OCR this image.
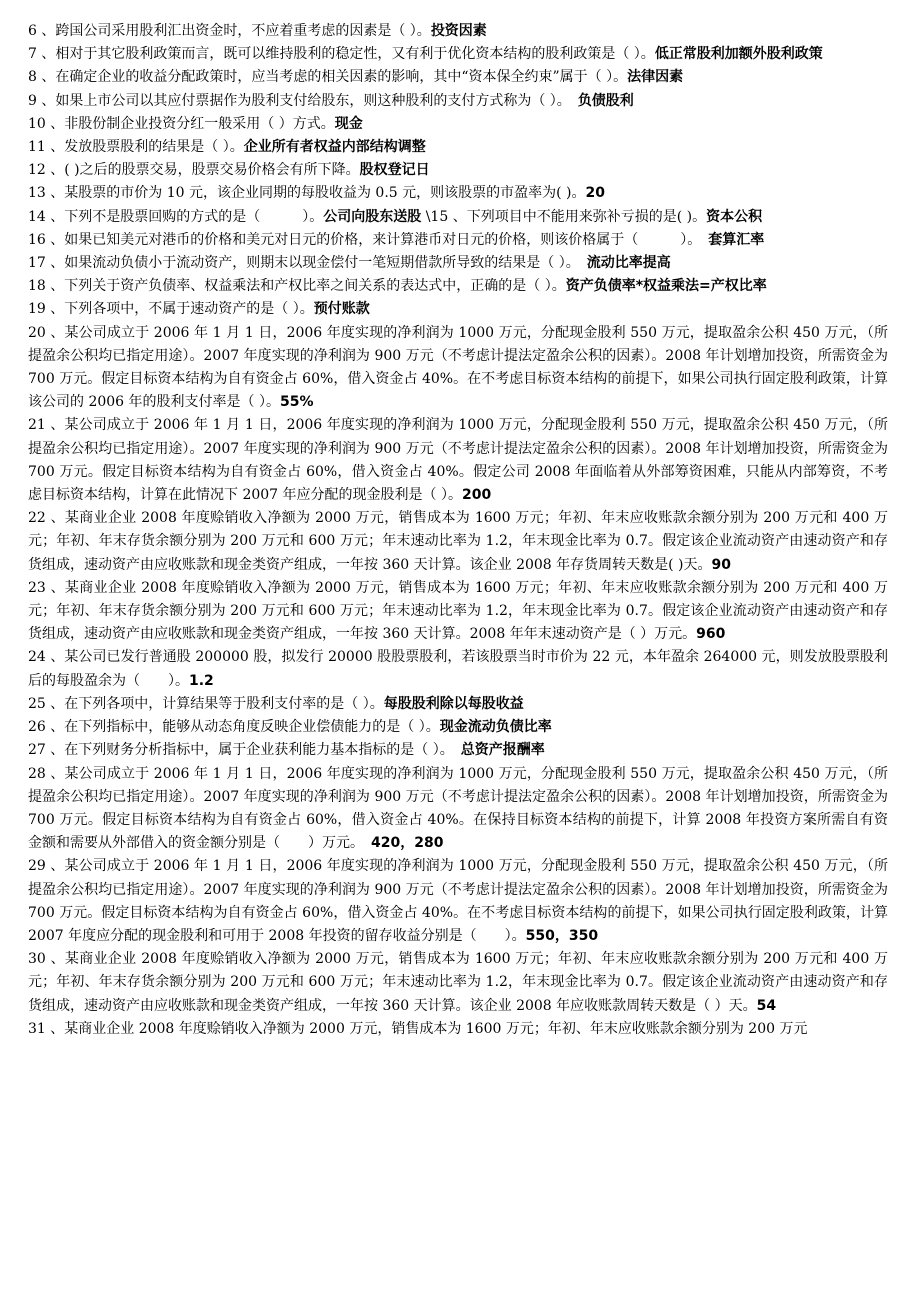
6 、跨国公司采用股利汇出资金时，不应着重考虑的因素是（ ）。投资因素

7 、相对于其它股利政策而言，既可以维持股利的稳定性，又有利于优化资本结构的股利政策是（ ）。低正常股利加额外股利政策

8 、在确定企业的收益分配政策时，应当考虑的相关因素的影响，其中“资本保全约束”属于（ ）。法律因素

9 、如果上市公司以其应付票据作为股利支付给股东，则这种股利的支付方式称为（ ）。　负债股利

10 、非股份制企业投资分红一般采用（ ）方式。现金

11 、发放股票股利的结果是（ ）。企业所有者权益内部结构调整

12 、( )之后的股票交易，股票交易价格会有所下降。股权登记日

13 、某股票的市价为 10 元，该企业同期的每股收益为 0.5 元，则该股票的市盈率为( )。20

14 、下列不是股票回购的方式的是（　　　）。公司向股东送股 \15 、下列项目中不能用来弥补亏损的是( )。资本公积

16 、如果已知美元对港币的价格和美元对日元的价格，来计算港币对日元的价格，则该价格属于（　　　）。　套算汇率

17 、如果流动负债小于流动资产，则期末以现金偿付一笔短期借款所导致的结果是（ ）。　流动比率提高

18 、下列关于资产负债率、权益乘法和产权比率之间关系的表达式中，正确的是（ ）。资产负债率*权益乘法=产权比率

19 、下列各项中，不属于速动资产的是（ ）。预付账款

20 、某公司成立于 2006 年 1 月 1 日，2006 年度实现的净利润为 1000 万元，分配现金股利 550 万元，提取盈余公积 450 万元，（所提盈余公积均已指定用途）。2007 年度实现的净利润为 900 万元（不考虑计提法定盈余公积的因素）。2008 年计划增加投资，所需资金为 700 万元。假定目标资本结构为自有资金占 60%，借入资金占 40%。在不考虑目标资本结构的前提下，如果公司执行固定股利政策，计算该公司的 2006 年的股利支付率是（ ）。55%

21 、某公司成立于 2006 年 1 月 1 日，2006 年度实现的净利润为 1000 万元，分配现金股利 550 万元，提取盈余公积 450 万元，（所提盈余公积均已指定用途）。2007 年度实现的净利润为 900 万元（不考虑计提法定盈余公积的因素）。2008 年计划增加投资，所需资金为 700 万元。假定目标资本结构为自有资金占 60%，借入资金占 40%。假定公司 2008 年面临着从外部筹资困难，只能从内部筹资，不考虑目标资本结构，计算在此情况下 2007 年应分配的现金股利是（ ）。200

22 、某商业企业 2008 年度赊销收入净额为 2000 万元，销售成本为 1600 万元；年初、年末应收账款余额分别为 200 万元和 400 万元；年初、年末存货余额分别为 200 万元和 600 万元；年末速动比率为 1.2，年末现金比率为 0.7。假定该企业流动资产由速动资产和存货组成，速动资产由应收账款和现金类资产组成，一年按 360 天计算。该企业 2008 年存货周转天数是( )天。90

23 、某商业企业 2008 年度赊销收入净额为 2000 万元，销售成本为 1600 万元；年初、年末应收账款余额分别为 200 万元和 400 万元；年初、年末存货余额分别为 200 万元和 600 万元；年末速动比率为 1.2，年末现金比率为 0.7。假定该企业流动资产由速动资产和存货组成，速动资产由应收账款和现金类资产组成，一年按 360 天计算。2008 年年末速动资产是（ ）万元。960

24 、某公司已发行普通股 200000 股，拟发行 20000 股股票股利，若该股票当时市价为 22 元，本年盈余 264000 元，则发放股票股利后的每股盈余为（　　）。1.2

25 、在下列各项中，计算结果等于股利支付率的是（ ）。每股股利除以每股收益

26 、在下列指标中，能够从动态角度反映企业偿债能力的是（ ）。现金流动负债比率

27 、在下列财务分析指标中，属于企业获利能力基本指标的是（ ）。　总资产报酬率

28 、某公司成立于 2006 年 1 月 1 日，2006 年度实现的净利润为 1000 万元，分配现金股利 550 万元，提取盈余公积 450 万元，（所提盈余公积均已指定用途）。2007 年度实现的净利润为 900 万元（不考虑计提法定盈余公积的因素）。2008 年计划增加投资，所需资金为 700 万元。假定目标资本结构为自有资金占 60%，借入资金占 40%。在保持目标资本结构的前提下，计算 2008 年投资方案所需自有资金额和需要从外部借入的资金额分别是（　　）万元。　420，280

29 、某公司成立于 2006 年 1 月 1 日，2006 年度实现的净利润为 1000 万元，分配现金股利 550 万元，提取盈余公积 450 万元，（所提盈余公积均已指定用途）。2007 年度实现的净利润为 900 万元（不考虑计提法定盈余公积的因素）。2008 年计划增加投资，所需资金为 700 万元。假定目标资本结构为自有资金占 60%，借入资金占 40%。在不考虑目标资本结构的前提下，如果公司执行固定股利政策，计算 2007 年度应分配的现金股利和可用于 2008 年投资的留存收益分别是（　　）。550，350

30 、某商业企业 2008 年度赊销收入净额为 2000 万元，销售成本为 1600 万元；年初、年末应收账款余额分别为 200 万元和 400 万元；年初、年末存货余额分别为 200 万元和 600 万元；年末速动比率为 1.2，年末现金比率为 0.7。假定该企业流动资产由速动资产和存货组成，速动资产由应收账款和现金类资产组成，一年按 360 天计算。该企业 2008 年应收账款周转天数是（ ）天。54

31 、某商业企业 2008 年度赊销收入净额为 2000 万元，销售成本为 1600 万元；年初、年末应收账款余额分别为 200 万元
